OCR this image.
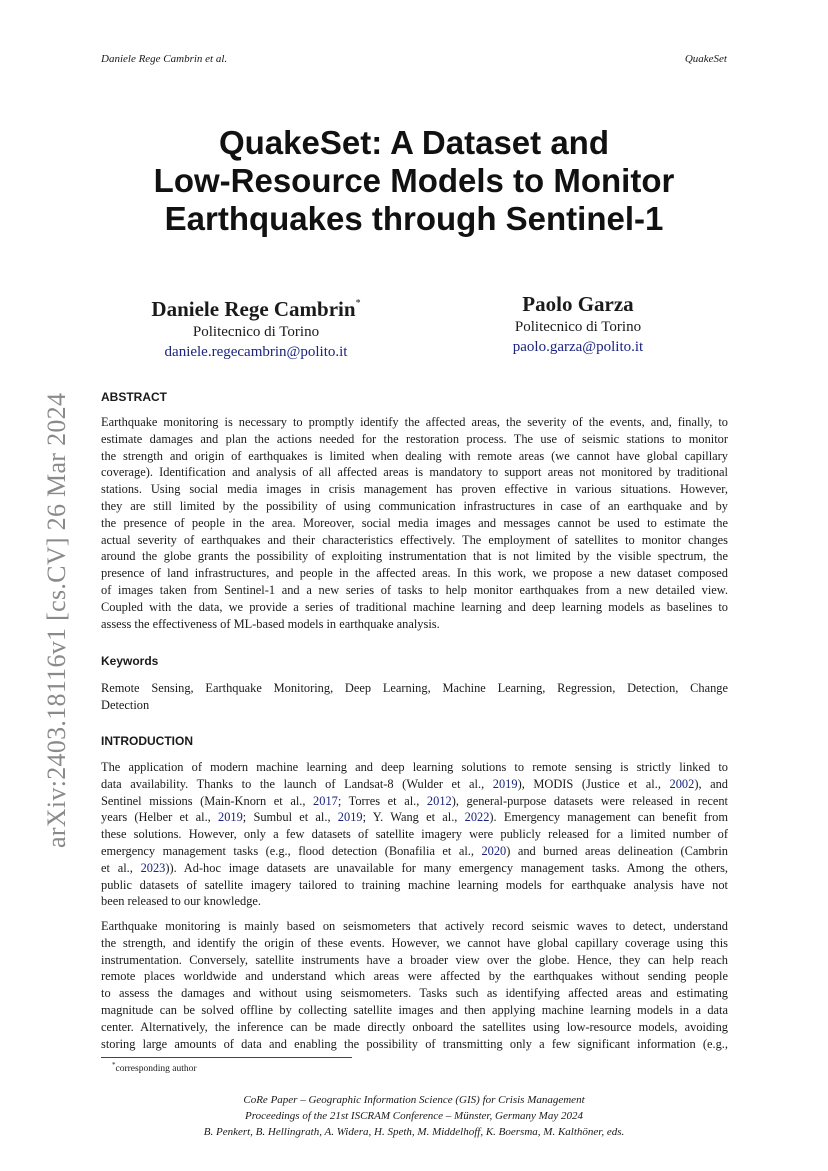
Daniele Rege Cambrin et al.	QuakeSet
arXiv:2403.18116v1 [cs.CV] 26 Mar 2024
QuakeSet: A Dataset and
Low-Resource Models to Monitor
Earthquakes through Sentinel-1
Daniele Rege Cambrin*
Politecnico di Torino
daniele.regecambrin@polito.it
Paolo Garza
Politecnico di Torino
paolo.garza@polito.it
ABSTRACT
Earthquake monitoring is necessary to promptly identify the affected areas, the severity of the events, and, finally, to
estimate damages and plan the actions needed for the restoration process. The use of seismic stations to monitor
the strength and origin of earthquakes is limited when dealing with remote areas (we cannot have global capillary
coverage). Identification and analysis of all affected areas is mandatory to support areas not monitored by traditional
stations. Using social media images in crisis management has proven effective in various situations. However,
they are still limited by the possibility of using communication infrastructures in case of an earthquake and by
the presence of people in the area. Moreover, social media images and messages cannot be used to estimate the
actual severity of earthquakes and their characteristics effectively. The employment of satellites to monitor changes
around the globe grants the possibility of exploiting instrumentation that is not limited by the visible spectrum, the
presence of land infrastructures, and people in the affected areas. In this work, we propose a new dataset composed
of images taken from Sentinel-1 and a new series of tasks to help monitor earthquakes from a new detailed view.
Coupled with the data, we provide a series of traditional machine learning and deep learning models as baselines to
assess the effectiveness of ML-based models in earthquake analysis.
Keywords
Remote Sensing, Earthquake Monitoring, Deep Learning, Machine Learning, Regression, Detection, Change
Detection
INTRODUCTION
The application of modern machine learning and deep learning solutions to remote sensing is strictly linked to
data availability. Thanks to the launch of Landsat-8 (Wulder et al., 2019), MODIS (Justice et al., 2002), and
Sentinel missions (Main-Knorn et al., 2017; Torres et al., 2012), general-purpose datasets were released in recent
years (Helber et al., 2019; Sumbul et al., 2019; Y. Wang et al., 2022). Emergency management can benefit from
these solutions. However, only a few datasets of satellite imagery were publicly released for a limited number of
emergency management tasks (e.g., flood detection (Bonafilia et al., 2020) and burned areas delineation (Cambrin
et al., 2023)). Ad-hoc image datasets are unavailable for many emergency management tasks. Among the others,
public datasets of satellite imagery tailored to training machine learning models for earthquake analysis have not
been released to our knowledge.
Earthquake monitoring is mainly based on seismometers that actively record seismic waves to detect, understand
the strength, and identify the origin of these events. However, we cannot have global capillary coverage using this
instrumentation. Conversely, satellite instruments have a broader view over the globe. Hence, they can help reach
remote places worldwide and understand which areas were affected by the earthquakes without sending people
to assess the damages and without using seismometers. Tasks such as identifying affected areas and estimating
magnitude can be solved offline by collecting satellite images and then applying machine learning models in a data
center. Alternatively, the inference can be made directly onboard the satellites using low-resource models, avoiding
storing large amounts of data and enabling the possibility of transmitting only a few significant information (e.g.,
*corresponding author
CoRe Paper – Geographic Information Science (GIS) for Crisis Management
Proceedings of the 21st ISCRAM Conference – Münster, Germany May 2024
B. Penkert, B. Hellingrath, A. Widera, H. Speth, M. Middelhoff, K. Boersma, M. Kalthöner, eds.
